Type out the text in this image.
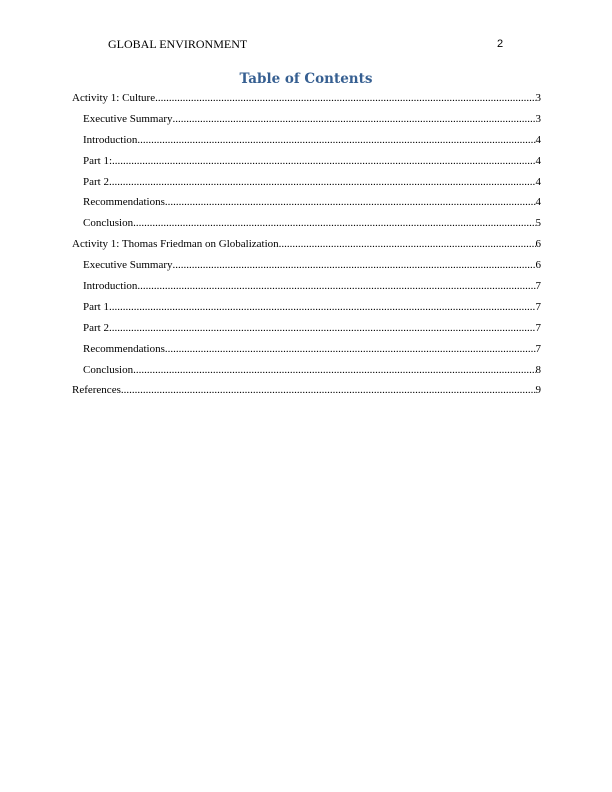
GLOBAL ENVIRONMENT	2
Table of Contents
Activity 1: Culture	3
.....
Executive Summary	3
.....
Introduction	4
.....
Part 1:	4
.....
Part 2	4
.....
Recommendations	4
.....
Conclusion	5
.....
Activity 1: Thomas Friedman on Globalization	6
.....
Executive Summary	6
.....
Introduction	7
.....
Part 1	7
.....
Part 2	7
.....
Recommendations	7
.....
Conclusion	8
.....
References	9
.....
